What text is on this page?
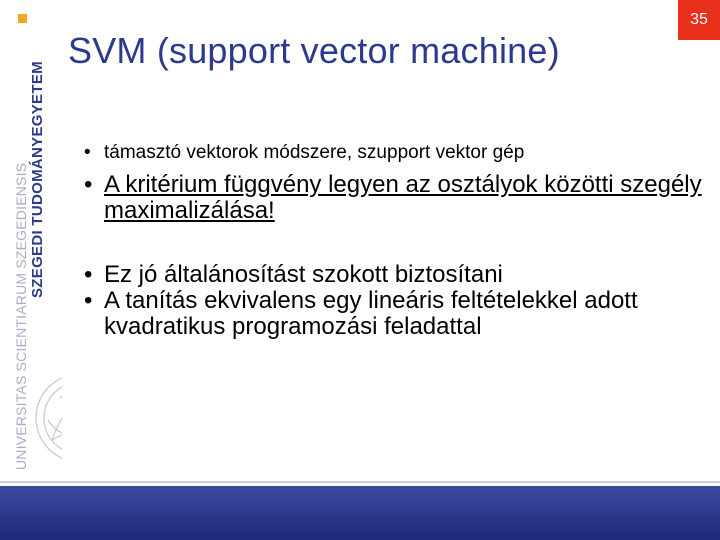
SZEGEDI TUDOMÁNYEGYETEM
UNIVERSITAS SCIENTIARUM SZEGEDIENSIS
35
SVM (support vector machine)
• támasztó vektorok módszere, szupport vektor gép
• A kritérium függvény legyen az osztályok közötti szegély maximalizálása!
• Ez jó általánosítást szokott biztosítani
• A tanítás ekvivalens egy lineáris feltételekkel adott kvadratikus programozási feladattal
